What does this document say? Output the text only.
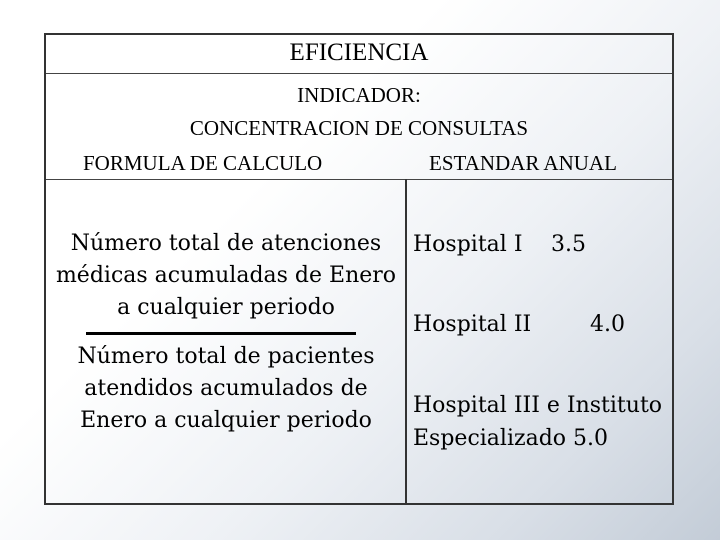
EFICIENCIA
INDICADOR:
CONCENTRACION DE CONSULTAS
FORMULA DE CALCULO	ESTANDAR ANUAL
Número total de atenciones
médicas acumuladas de Enero
a cualquier periodo
Número total de pacientes
atendidos acumulados de
Enero a cualquier periodo
Hospital I 3.5
Hospital II	4.0
Hospital III e Instituto
Especializado 5.0
